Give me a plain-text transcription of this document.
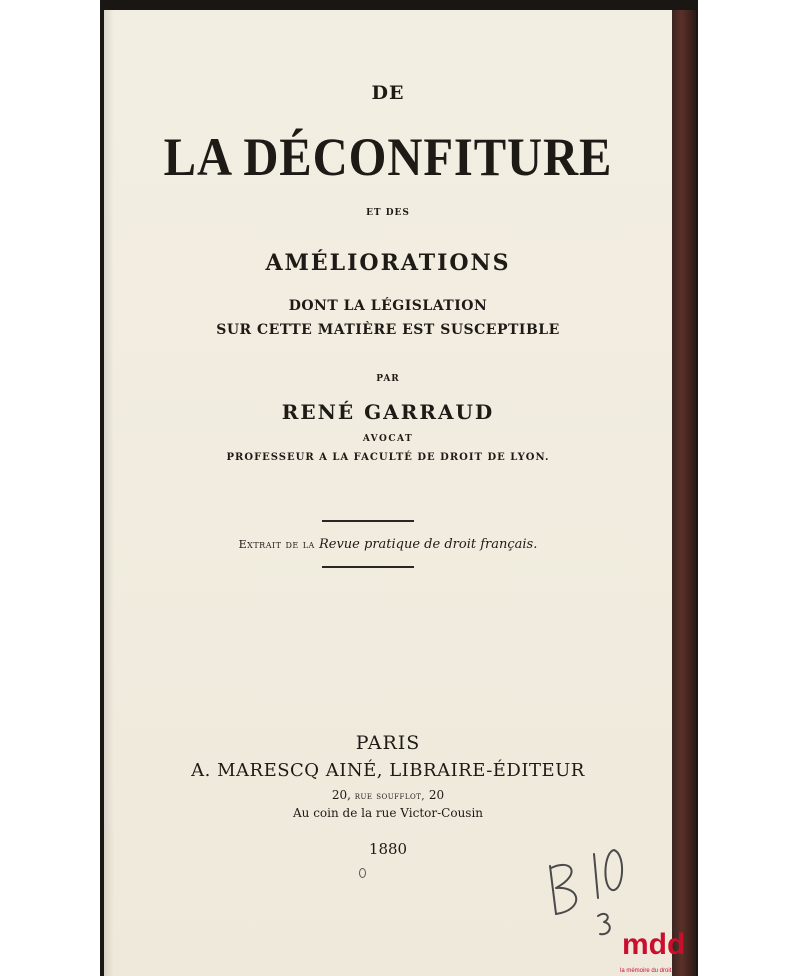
DE
LA DÉCONFITURE
ET DES
AMÉLIORATIONS
DONT LA LÉGISLATION
SUR CETTE MATIÈRE EST SUSCEPTIBLE
PAR
RENÉ GARRAUD
AVOCAT
PROFESSEUR A LA FACULTÉ DE DROIT DE LYON.
Extrait de la Revue pratique de droit français.
PARIS
A. MARESCQ AINÉ, LIBRAIRE-ÉDITEUR
20, rue soufflot, 20
Au coin de la rue Victor-Cousin
1880
mdd
la mémoire du droit
